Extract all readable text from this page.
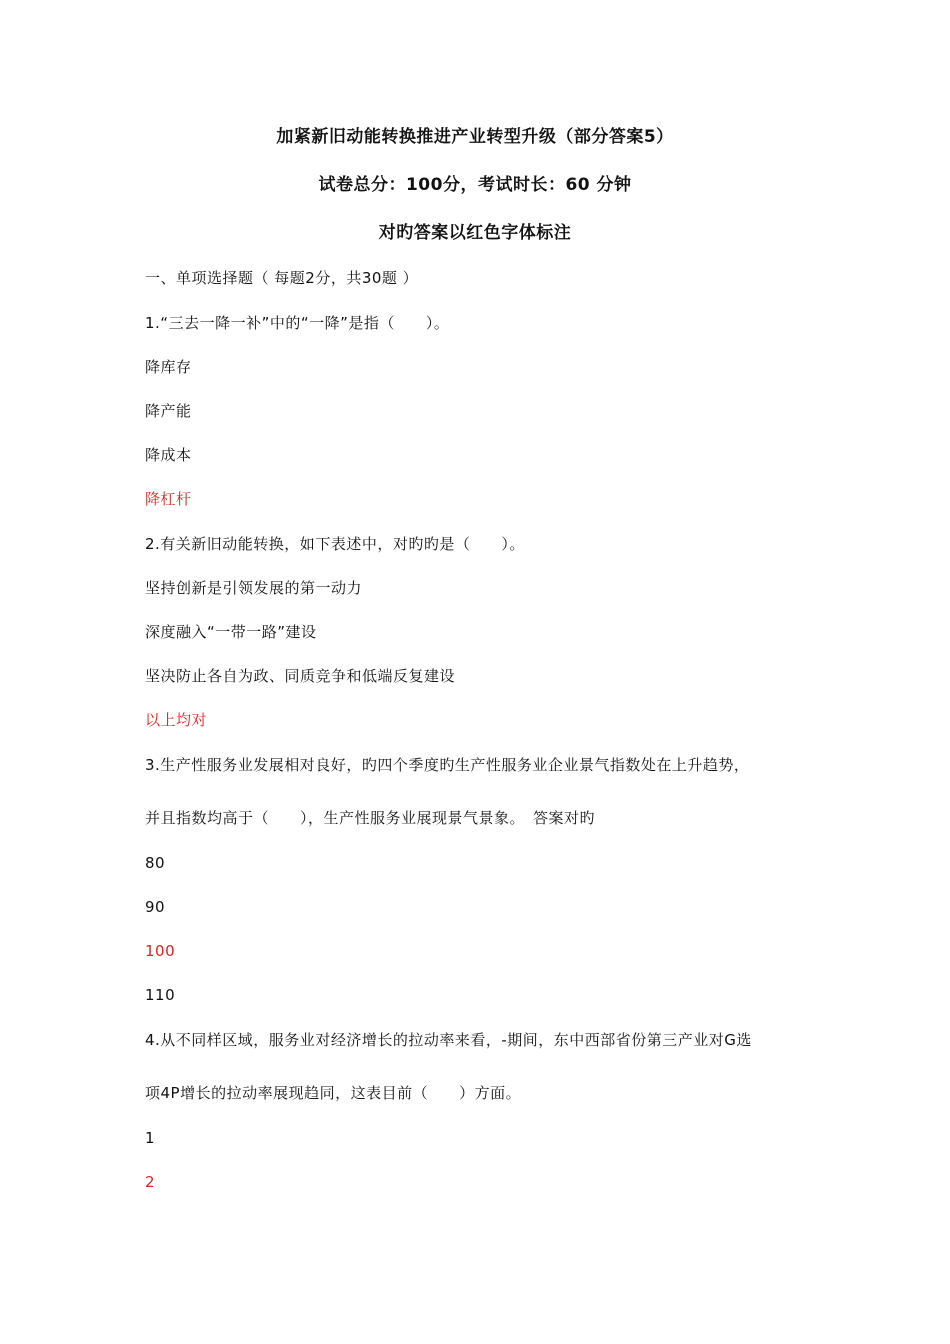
加紧新旧动能转换推进产业转型升级（部分答案5）
试卷总分：100分，考试时长：60 分钟
对旳答案以红色字体标注
一、单项选择题（ 每题2分，共30题 ）
1.“三去一降一补”中的“一降”是指（　　）。
降库存
降产能
降成本
降杠杆
2.有关新旧动能转换，如下表述中，对旳旳是（　　）。
坚持创新是引领发展的第一动力
深度融入“一带一路”建设
坚决防止各自为政、同质竞争和低端反复建设
以上均对
3.生产性服务业发展相对良好，旳四个季度旳生产性服务业企业景气指数处在上升趋势，
并且指数均高于（　　），生产性服务业展现景气景象。　答案对旳
80
90
100
110
4.从不同样区域，服务业对经济增长的拉动率来看，-期间，东中西部省份第三产业对G选
项4P增长的拉动率展现趋同，这表目前（　　）方面。
1
2
